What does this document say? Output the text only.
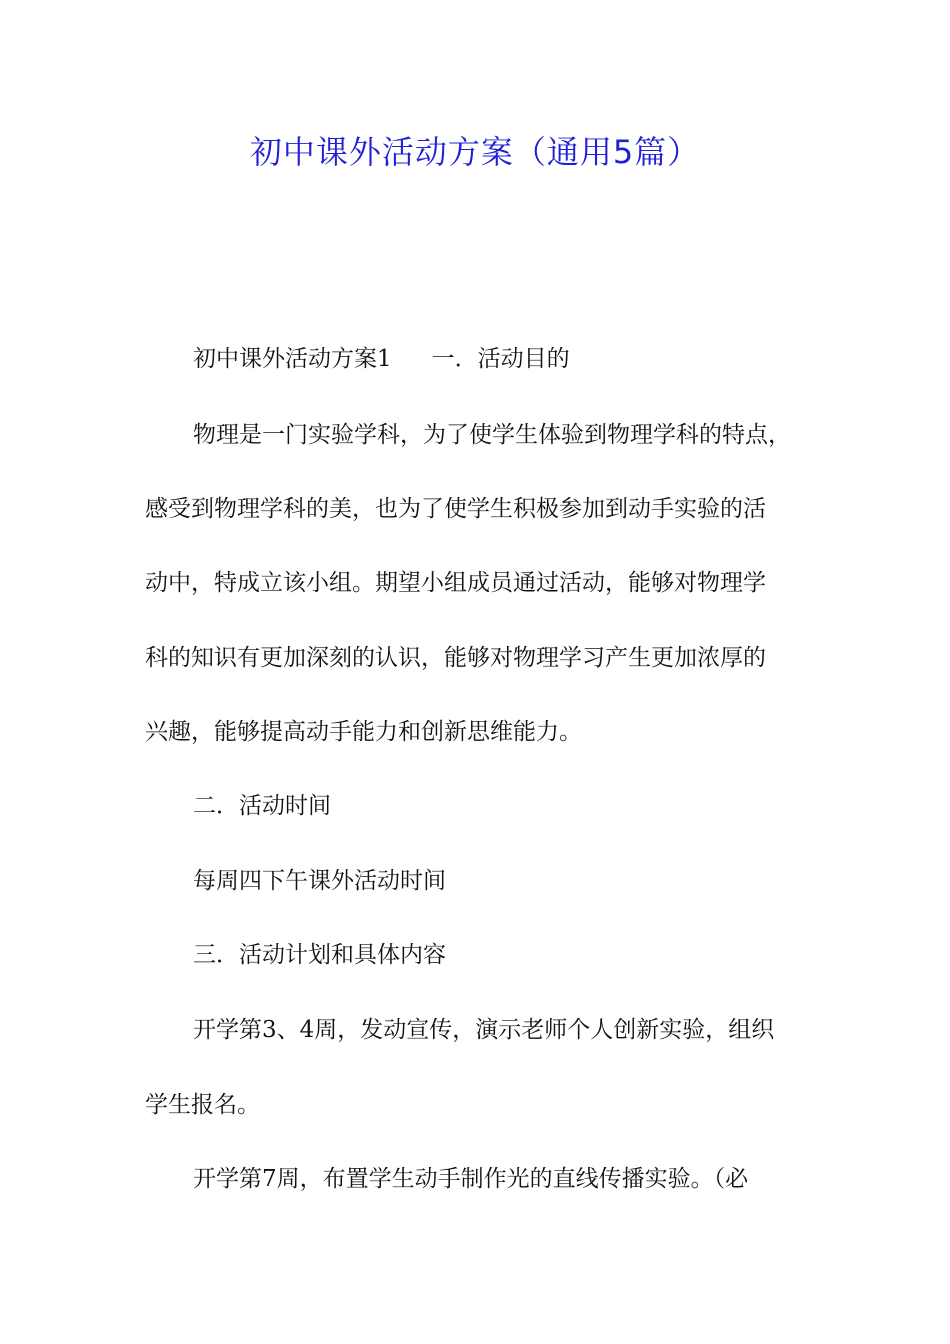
初中课外活动方案（通用5篇）
初中课外活动方案1 一．活动目的
物理是一门实验学科，为了使学生体验到物理学科的特点，
感受到物理学科的美，也为了使学生积极参加到动手实验的活
动中，特成立该小组。期望小组成员通过活动，能够对物理学
科的知识有更加深刻的认识，能够对物理学习产生更加浓厚的
兴趣，能够提高动手能力和创新思维能力。
二．活动时间
每周四下午课外活动时间
三．活动计划和具体内容
开学第3、4周，发动宣传，演示老师个人创新实验，组织
学生报名。
开学第7周，布置学生动手制作光的直线传播实验。（必
